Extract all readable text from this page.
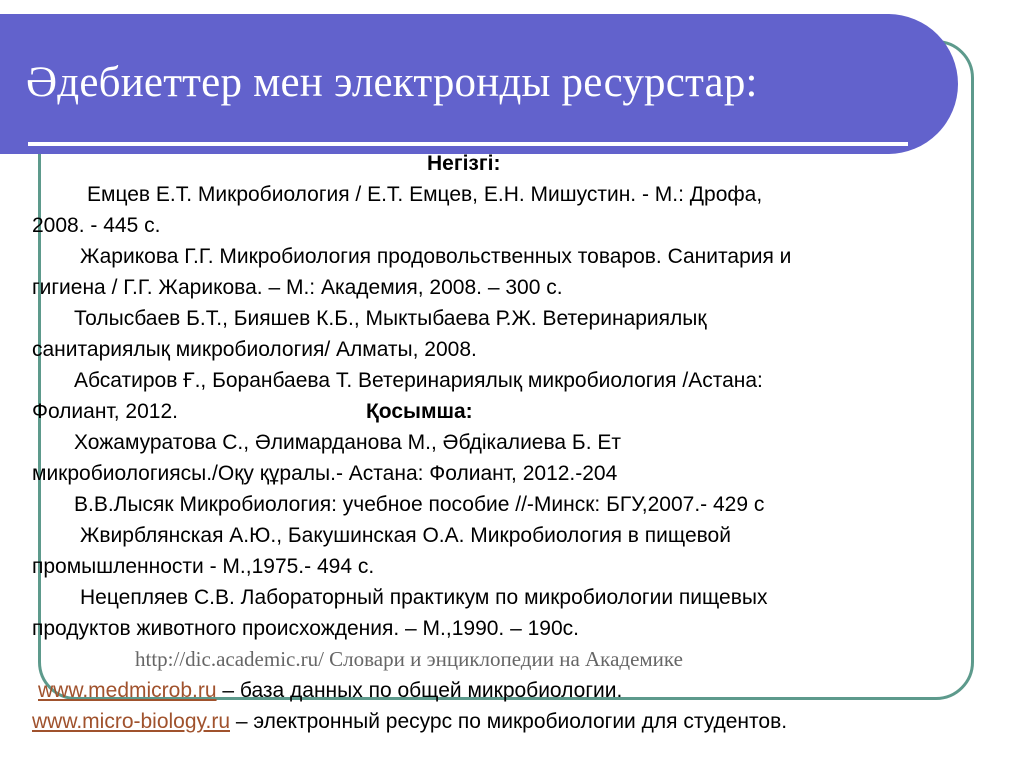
Әдебиеттер мен электронды ресурстар:
Негізгі:
Емцев Е.Т. Микробиология / Е.Т. Емцев, Е.Н. Мишустин. - М.: Дрофа,
2008. - 445 с.
Жарикова Г.Г. Микробиология продовольственных товаров. Санитария и
гигиена / Г.Г. Жарикова. – М.: Академия, 2008. – 300 с.
Толысбаев Б.Т., Бияшев К.Б., Мыктыбаева Р.Ж. Ветеринариялық
санитариялық микробиология/ Алматы, 2008.
Абсатиров Ғ., Боранбаева Т. Ветеринариялық микробиология /Астана:
Фолиант, 2012.	Қосымша:
Хожамуратова С., Әлимарданова М., Әбдікалиева Б. Ет
микробиологиясы./Оқу құралы.- Астана: Фолиант, 2012.-204
В.В.Лысяк Микробиология: учебное пособие //-Минск: БГУ,2007.- 429 с
Жвирблянская А.Ю., Бакушинская О.А. Микробиология в пищевой
промышленности - М.,1975.- 494 с.
Нецепляев С.В. Лабораторный практикум по микробиологии пищевых
продуктов животного происхождения. – М.,1990. – 190с.
http://dic.academic.ru/ Словари и энциклопедии на Академике
www.medmicrob.ru – база данных по общей микробиологии.
www.micro-biology.ru – электронный ресурс по микробиологии для студентов.
